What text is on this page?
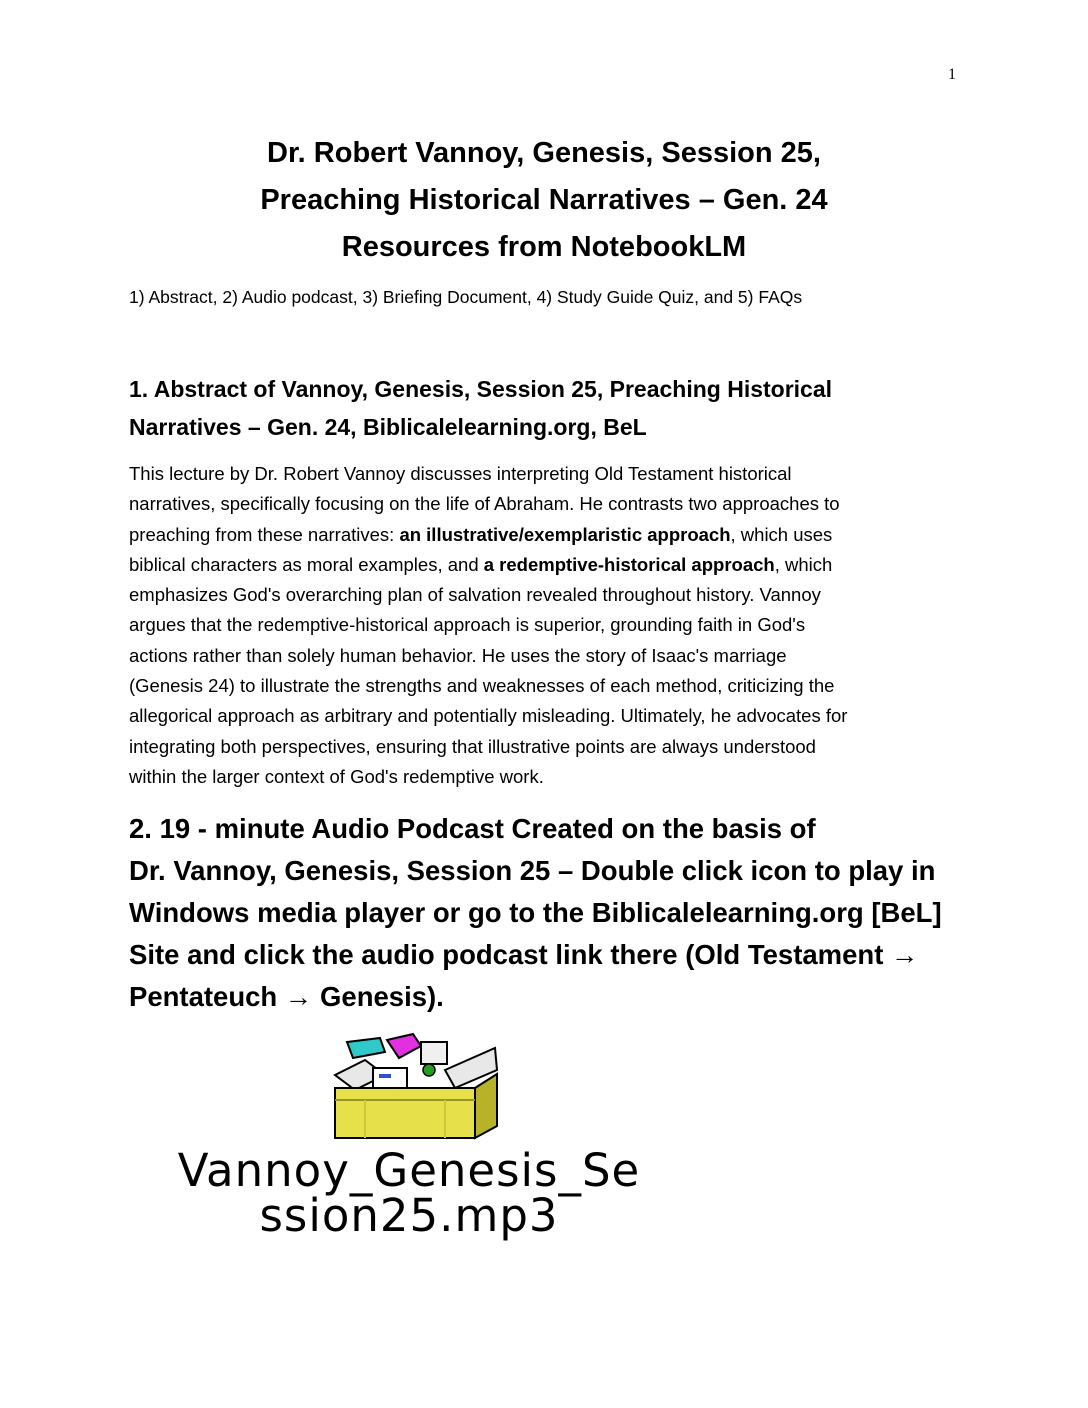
1
Dr. Robert Vannoy, Genesis, Session 25,
Preaching Historical Narratives – Gen. 24
Resources from NotebookLM
1) Abstract, 2) Audio podcast, 3) Briefing Document, 4) Study Guide Quiz, and 5) FAQs
1. Abstract of Vannoy, Genesis, Session 25, Preaching Historical
Narratives – Gen. 24, Biblicalelearning.org, BeL
This lecture by Dr. Robert Vannoy discusses interpreting Old Testament historical
narratives, specifically focusing on the life of Abraham. He contrasts two approaches to
preaching from these narratives: an illustrative/exemplaristic approach, which uses
biblical characters as moral examples, and a redemptive-historical approach, which
emphasizes God's overarching plan of salvation revealed throughout history. Vannoy
argues that the redemptive-historical approach is superior, grounding faith in God's
actions rather than solely human behavior. He uses the story of Isaac's marriage
(Genesis 24) to illustrate the strengths and weaknesses of each method, criticizing the
allegorical approach as arbitrary and potentially misleading. Ultimately, he advocates for
integrating both perspectives, ensuring that illustrative points are always understood
within the larger context of God's redemptive work.
2. 19 - minute Audio Podcast Created on the basis of
Dr. Vannoy, Genesis, Session 25 – Double click icon to play in
Windows media player or go to the Biblicalelearning.org [BeL]
Site and click the audio podcast link there (Old Testament →
Pentateuch → Genesis).
Vannoy_Genesis_Se
ssion25.mp3
